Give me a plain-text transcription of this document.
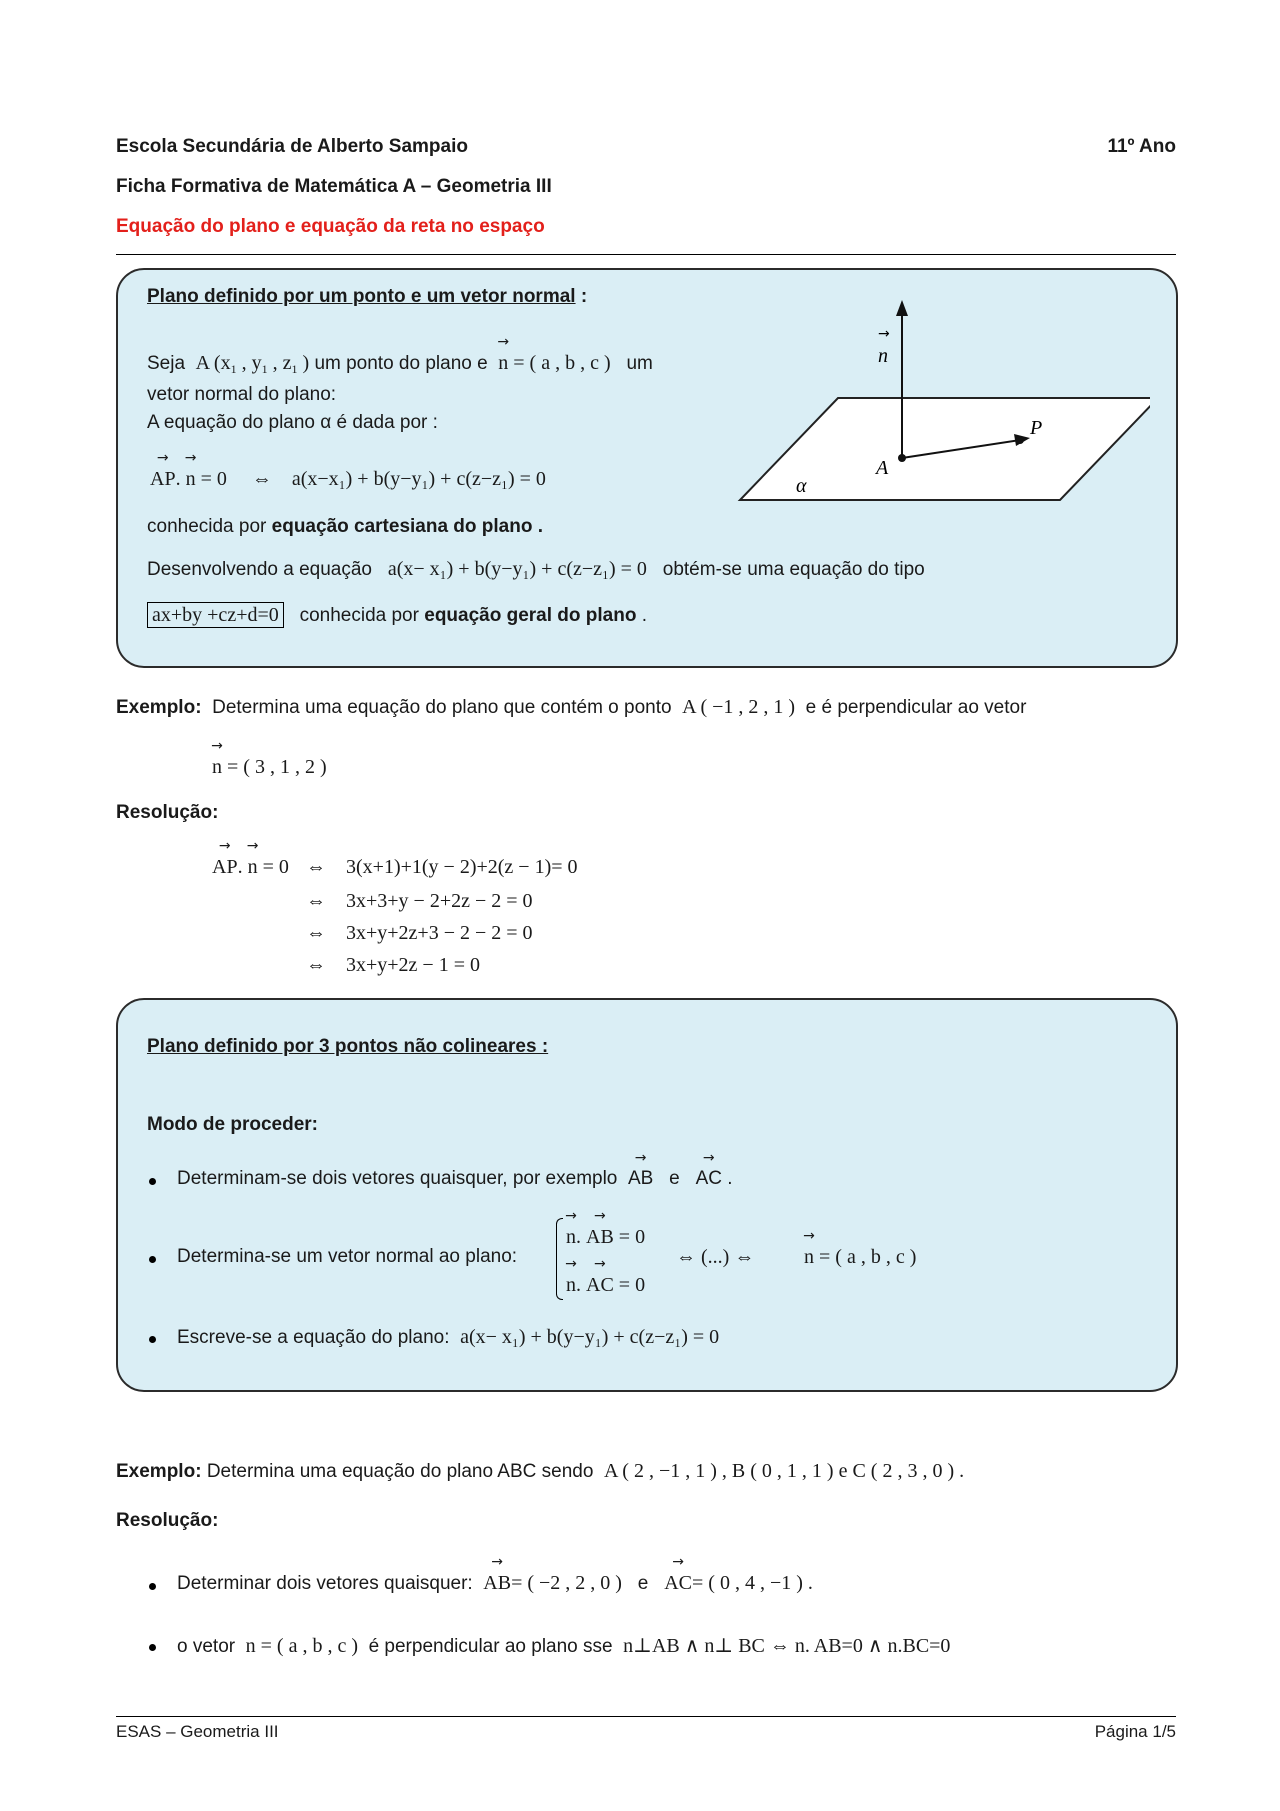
Escola Secundária de Alberto Sampaio	11º Ano
Ficha Formativa de Matemática A – Geometria III
Equação do plano e equação da reta no espaço
Plano definido por um ponto e um vetor normal :
Seja A ($x_1$ , $y_1$ , $z_1$ ) um ponto do plano e → n = ( a , b , c ) um
vetor normal do plano:
A equação do plano α é dada por :
→ AP. → n = 0     ⇔ a(x−x₁) + b(y−y₁) + c(z−z₁) = 0
conhecida por equação cartesiana do plano .
Desenvolvendo a equação a(x− x₁) + b(y−y₁) + c(z−z₁) = 0 obtém-se uma equação do tipo
ax+by +cz+d=0 conhecida por equação geral do plano .
n
→
A
P
α
Exemplo: Determina uma equação do plano que contém o ponto A ( −1 , 2 , 1 ) e é perpendicular ao vetor
→ n = ( 3 , 1 , 2 )
Resolução:
→ AP. → n = 0 ⇔ 3(x+1)+1(y − 2)+2(z − 1)= 0
⇔ 3x+3+y − 2+2z − 2 = 0
⇔ 3x+y+2z+3 − 2 − 2 = 0
⇔ 3x+y+2z − 1 = 0
Plano definido por 3 pontos não colineares :
Modo de proceder:
Determinam-se dois vetores quaisquer, por exemplo → AB e → AC .
Determina-se um vetor normal ao plano:
→ n. → AB = 0
→ n. → AC = 0
⇔ (...) ⇔ → n = ( a , b , c )
Escreve-se a equação do plano: a(x− x₁) + b(y−y₁) + c(z−z₁) = 0
Exemplo: Determina uma equação do plano ABC sendo A ( 2 , −1 , 1 ) , B ( 0 , 1 , 1 ) e C ( 2 , 3 , 0 ) .
Resolução:
Determinar dois vetores quaisquer: → AB= ( −2 , 2 , 0 ) e → AC= ( 0 , 4 , −1 ) .
o vetor n = ( a , b , c ) é perpendicular ao plano sse n⊥AB ∧ n⊥ BC ⇔ n. AB=0 ∧ n.BC=0
ESAS – Geometria III	Página 1/5
